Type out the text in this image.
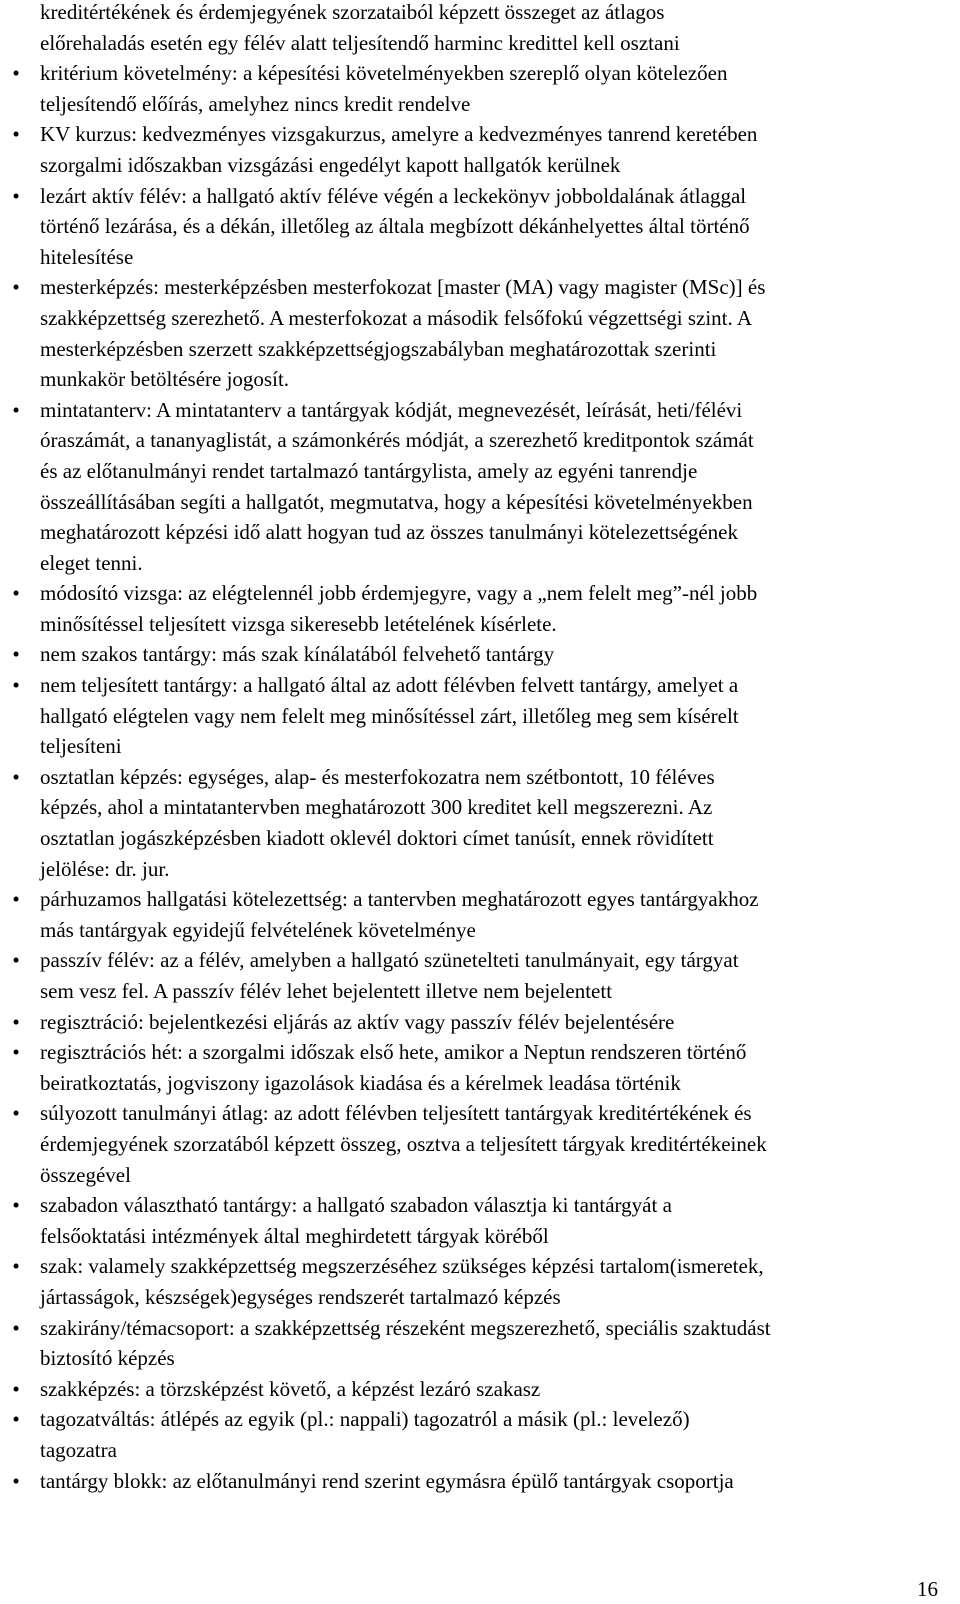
kreditértékének és érdemjegyének szorzataiból képzett összeget az átlagos
előrehaladás esetén egy félév alatt teljesítendő harminc kredittel kell osztani

• kritérium követelmény: a képesítési követelményekben szereplő olyan kötelezően
teljesítendő előírás, amelyhez nincs kredit rendelve
• KV kurzus: kedvezményes vizsgakurzus, amelyre a kedvezményes tanrend keretében
szorgalmi időszakban vizsgázási engedélyt kapott hallgatók kerülnek
• lezárt aktív félév: a hallgató aktív féléve végén a leckekönyv jobboldalának átlaggal
történő lezárása, és a dékán, illetőleg az általa megbízott dékánhelyettes által történő
hitelesítése
• mesterképzés: mesterképzésben mesterfokozat [master (MA) vagy magister (MSc)] és
szakképzettség szerezhető. A mesterfokozat a második felsőfokú végzettségi szint. A
mesterképzésben szerzett szakképzettségjogszabályban meghatározottak szerinti
munkakör betöltésére jogosít.
• mintatanterv: A mintatanterv a tantárgyak kódját, megnevezését, leírását, heti/félévi
óraszámát, a tananyaglistát, a számonkérés módját, a szerezhető kreditpontok számát
és az előtanulmányi rendet tartalmazó tantárgylista, amely az egyéni tanrendje
összeállításában segíti a hallgatót, megmutatva, hogy a képesítési követelményekben
meghatározott képzési idő alatt hogyan tud az összes tanulmányi kötelezettségének
eleget tenni.
• módosító vizsga: az elégtelennél jobb érdemjegyre, vagy a „nem felelt meg”-nél jobb
minősítéssel teljesített vizsga sikeresebb letételének kísérlete.
• nem szakos tantárgy: más szak kínálatából felvehető tantárgy
• nem teljesített tantárgy: a hallgató által az adott félévben felvett tantárgy, amelyet a
hallgató elégtelen vagy nem felelt meg minősítéssel zárt, illetőleg meg sem kísérelt
teljesíteni
• osztatlan képzés: egységes, alap- és mesterfokozatra nem szétbontott, 10 féléves
képzés, ahol a mintatantervben meghatározott 300 kreditet kell megszerezni. Az
osztatlan jogászképzésben kiadott oklevél doktori címet tanúsít, ennek rövidített
jelölése: dr. jur.
• párhuzamos hallgatási kötelezettség: a tantervben meghatározott egyes tantárgyakhoz
más tantárgyak egyidejű felvételének követelménye
• passzív félév: az a félév, amelyben a hallgató szünetelteti tanulmányait, egy tárgyat
sem vesz fel. A passzív félév lehet bejelentett illetve nem bejelentett
• regisztráció: bejelentkezési eljárás az aktív vagy passzív félév bejelentésére
• regisztrációs hét: a szorgalmi időszak első hete, amikor a Neptun rendszeren történő
beiratkoztatás, jogviszony igazolások kiadása és a kérelmek leadása történik
• súlyozott tanulmányi átlag: az adott félévben teljesített tantárgyak kreditértékének és
érdemjegyének szorzatából képzett összeg, osztva a teljesített tárgyak kreditértékeinek
összegével
• szabadon választható tantárgy: a hallgató szabadon választja ki tantárgyát a
felsőoktatási intézmények által meghirdetett tárgyak köréből
• szak: valamely szakképzettség megszerzéséhez szükséges képzési tartalom(ismeretek,
jártasságok, készségek)egységes rendszerét tartalmazó képzés
• szakirány/témacsoport: a szakképzettség részeként megszerezhető, speciális szaktudást
biztosító képzés
• szakképzés: a törzsképzést követő, a képzést lezáró szakasz
• tagozatváltás: átlépés az egyik (pl.: nappali) tagozatról a másik (pl.: levelező)
tagozatra
• tantárgy blokk: az előtanulmányi rend szerint egymásra épülő tantárgyak csoportja
16
